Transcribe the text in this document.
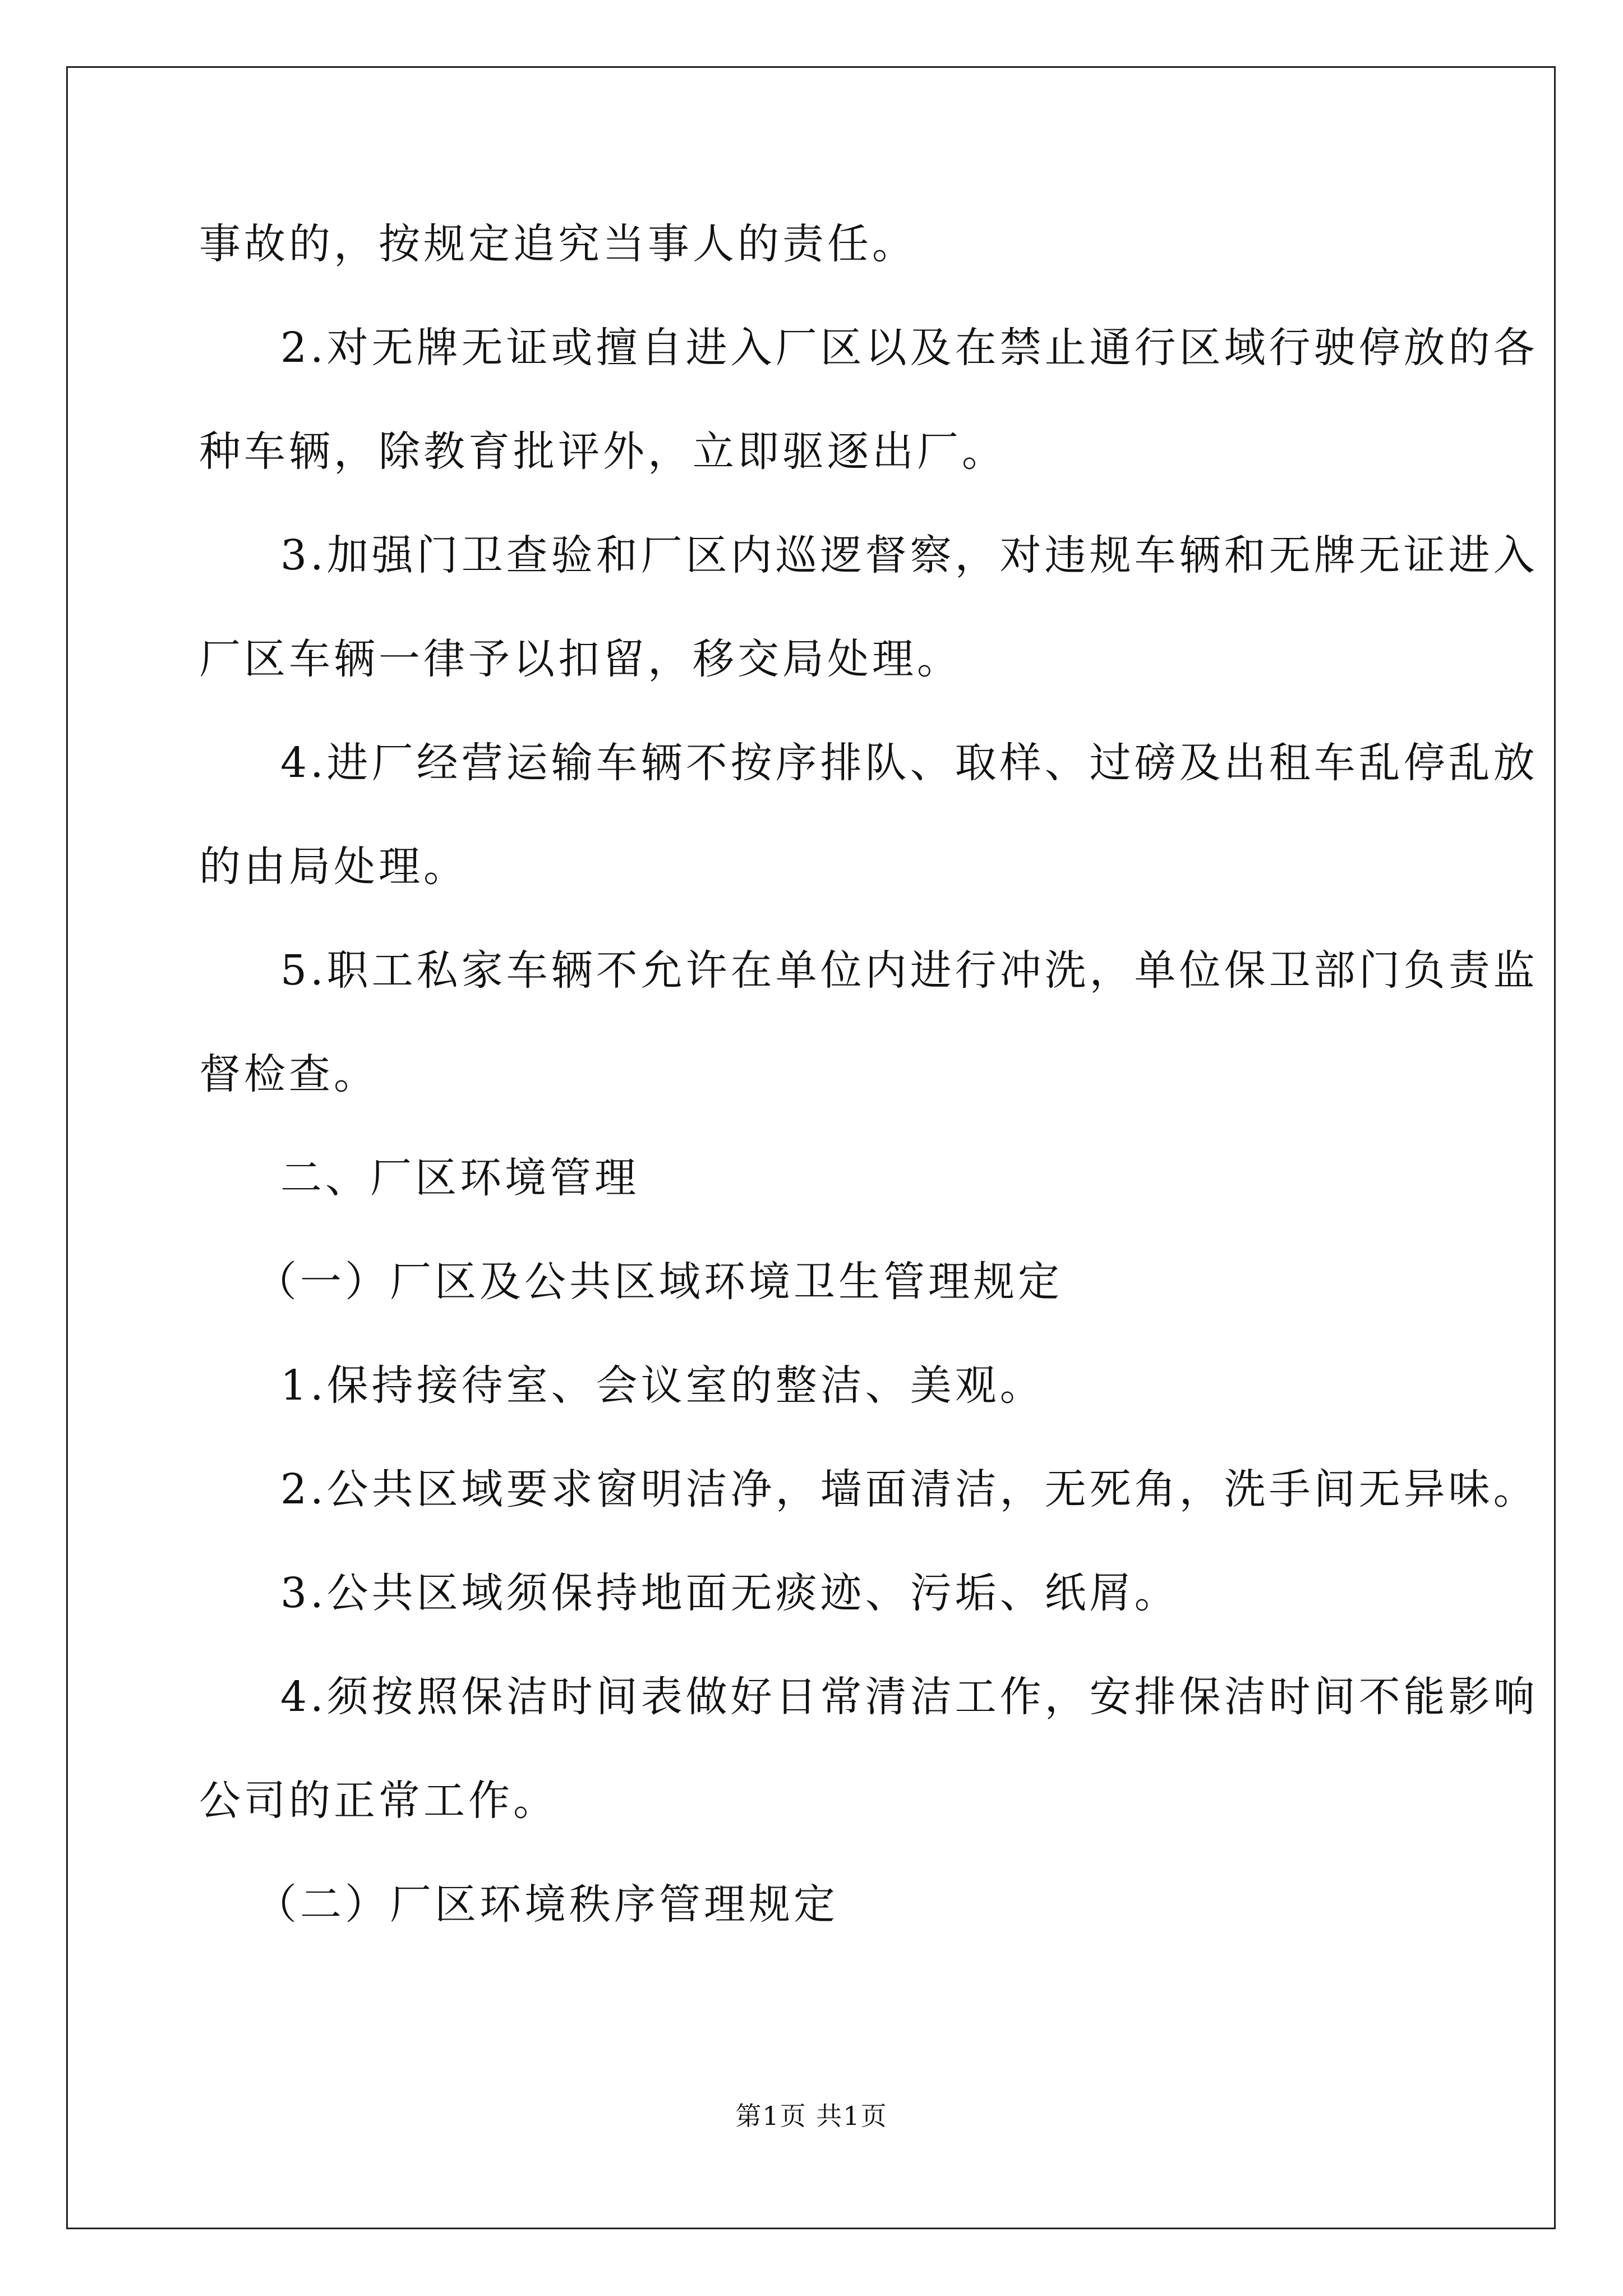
事故的，按规定追究当事人的责任。
2.对无牌无证或擅自进入厂区以及在禁止通行区域行驶停放的各
种车辆，除教育批评外，立即驱逐出厂。
3.加强门卫查验和厂区内巡逻督察，对违规车辆和无牌无证进入
厂区车辆一律予以扣留，移交局处理。
4.进厂经营运输车辆不按序排队、取样、过磅及出租车乱停乱放
的由局处理。
5.职工私家车辆不允许在单位内进行冲洗，单位保卫部门负责监
督检查。
二、厂区环境管理
（一）厂区及公共区域环境卫生管理规定
1.保持接待室、会议室的整洁、美观。
2.公共区域要求窗明洁净，墙面清洁，无死角，洗手间无异味。
3.公共区域须保持地面无痰迹、污垢、纸屑。
4.须按照保洁时间表做好日常清洁工作，安排保洁时间不能影响
公司的正常工作。
（二）厂区环境秩序管理规定
第1页 共1页
